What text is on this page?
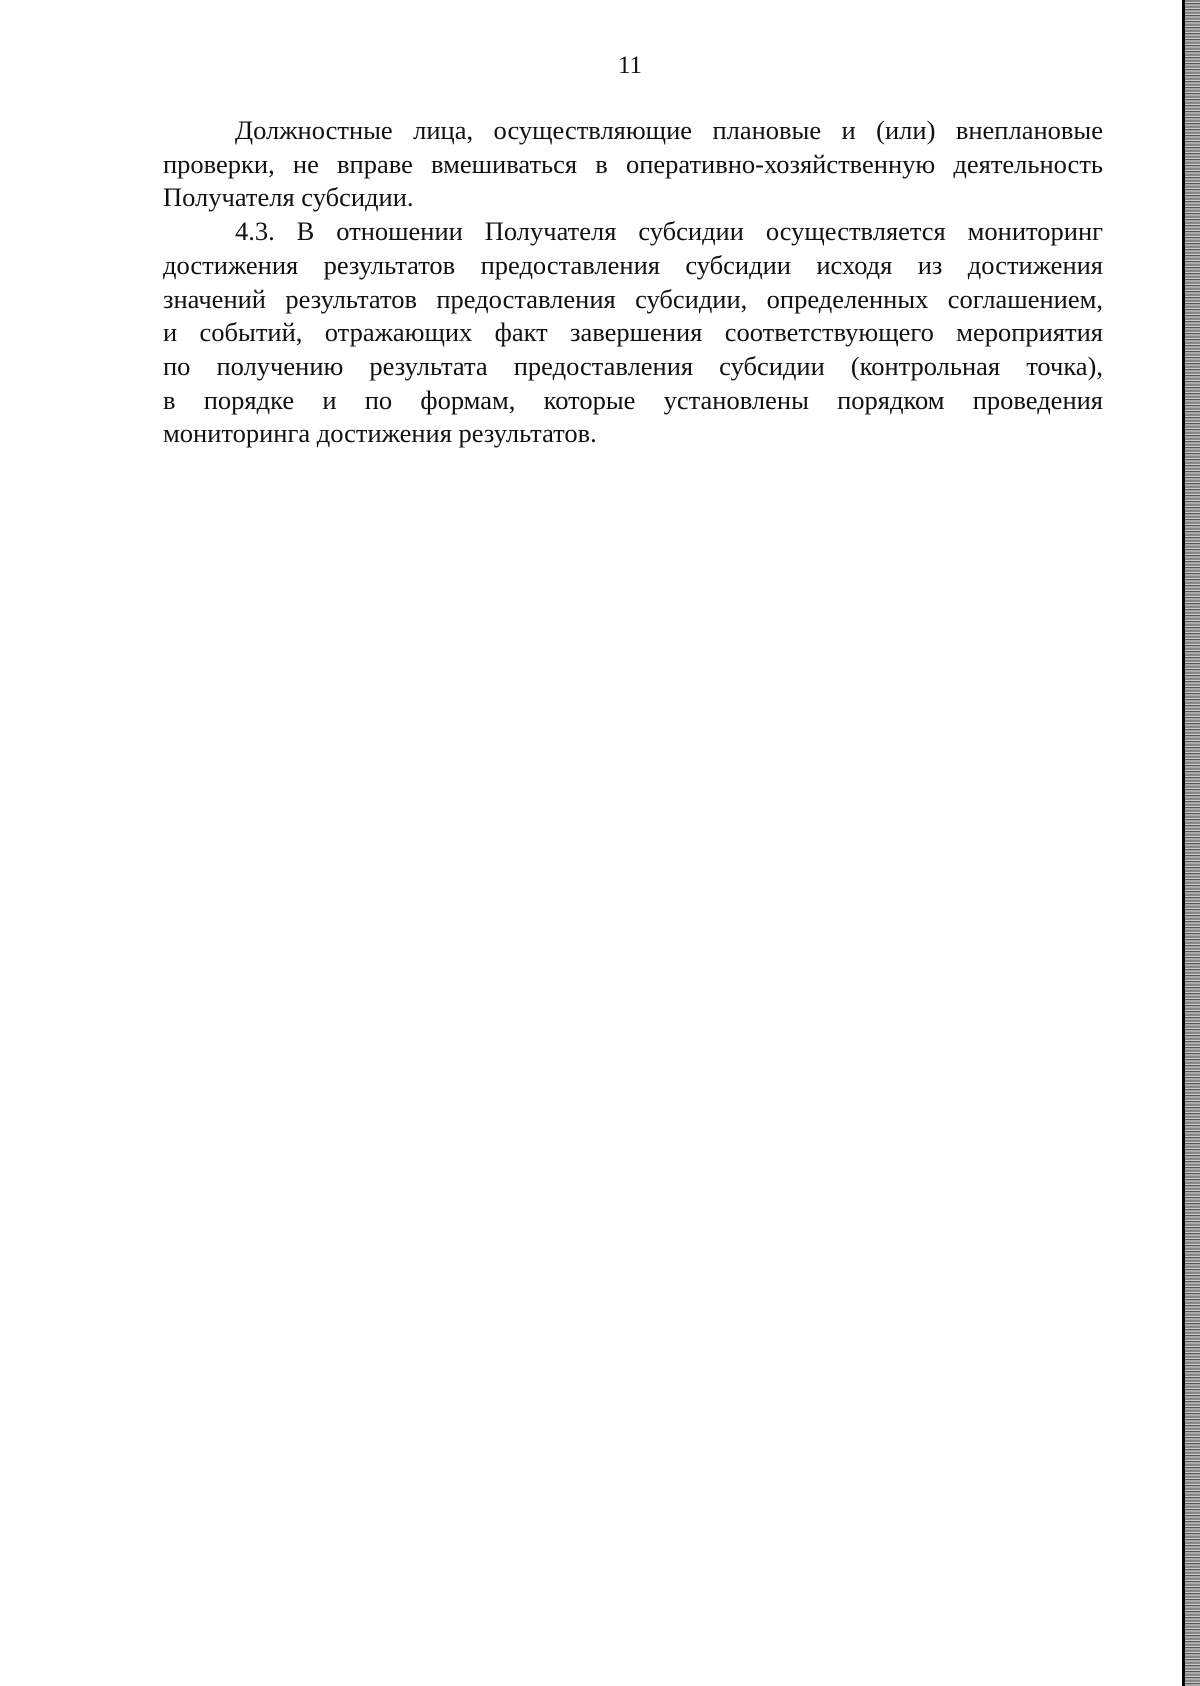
11
Должностные лица, осуществляющие плановые и (или) внеплановые
проверки, не вправе вмешиваться в оперативно-хозяйственную деятельность
Получателя субсидии.
4.3. В отношении Получателя субсидии осуществляется мониторинг
достижения результатов предоставления субсидии исходя из достижения
значений результатов предоставления субсидии, определенных соглашением,
и событий, отражающих факт завершения соответствующего мероприятия
по получению результата предоставления субсидии (контрольная точка),
в порядке и по формам, которые установлены порядком проведения
мониторинга достижения результатов.
